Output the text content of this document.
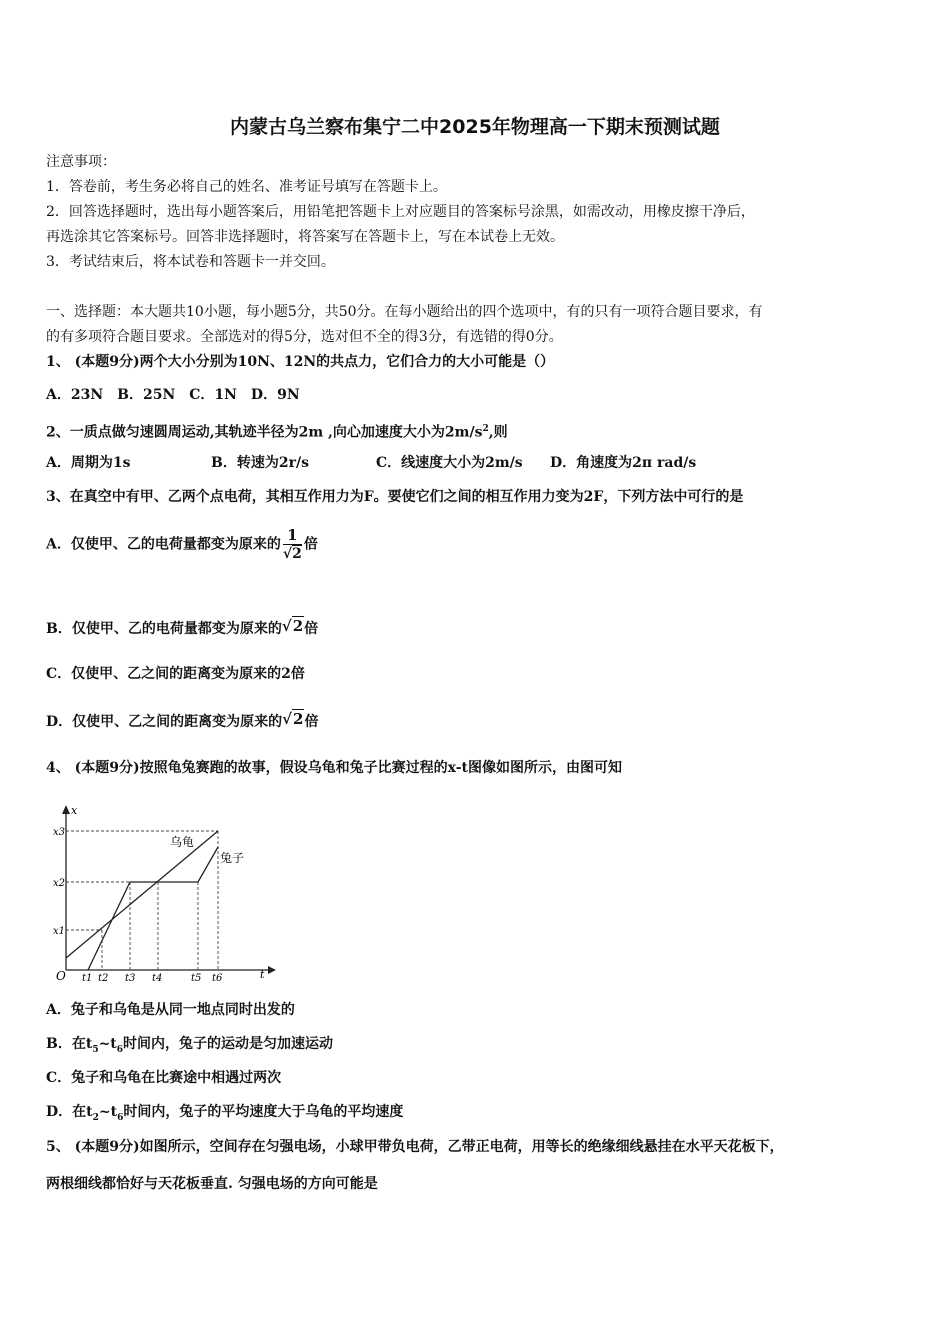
内蒙古乌兰察布集宁二中2025年物理高一下期末预测试题
注意事项：
1．答卷前，考生务必将自己的姓名、准考证号填写在答题卡上。
2．回答选择题时，选出每小题答案后，用铅笔把答题卡上对应题目的答案标号涂黑，如需改动，用橡皮擦干净后，
再选涂其它答案标号。回答非选择题时，将答案写在答题卡上，写在本试卷上无效。
3．考试结束后，将本试卷和答题卡一并交回。
一、选择题：本大题共10小题，每小题5分，共50分。在每小题给出的四个选项中，有的只有一项符合题目要求，有
的有多项符合题目要求。全部选对的得5分，选对但不全的得3分，有选错的得0分。
1、 (本题9分)两个大小分别为10N、12N的共点力，它们合力的大小可能是（）
A．23N　B．25N　C．1N　D．9N
2、一质点做匀速圆周运动,其轨迹半径为2m ,向心加速度大小为$2m/s^2$,则
A．周期为1s	B．转速为2r/s	C．线速度大小为2m/s D．角速度为2π rad/s
3、在真空中有甲、乙两个点电荷，其相互作用力为F。要使它们之间的相互作用力变为2F，下列方法中可行的是
A．仅使甲、乙的电荷量都变为原来的 $\frac{1}{√2}$ 倍
B．仅使甲、乙的电荷量都变为原来的√2倍
C．仅使甲、乙之间的距离变为原来的2倍
D．仅使甲、乙之间的距离变为原来的√2倍
4、 (本题9分)按照龟兔赛跑的故事，假设乌龟和兔子比赛过程的x-t图像如图所示，由图可知
x
t
O
乌龟
兔子
x3
x2
x1
t1 t2 t3 t4	t5 t6
A．兔子和乌龟是从同一地点同时出发的
B．在$t_5\sim t_6$时间内，兔子的运动是匀加速运动
C．兔子和乌龟在比赛途中相遇过两次
D．在$t_2\sim t_6$时间内，兔子的平均速度大于乌龟的平均速度
5、 (本题9分)如图所示，空间存在匀强电场，小球甲带负电荷，乙带正电荷，用等长的绝缘细线悬挂在水平天花板下，
两根细线都恰好与天花板垂直. 匀强电场的方向可能是
